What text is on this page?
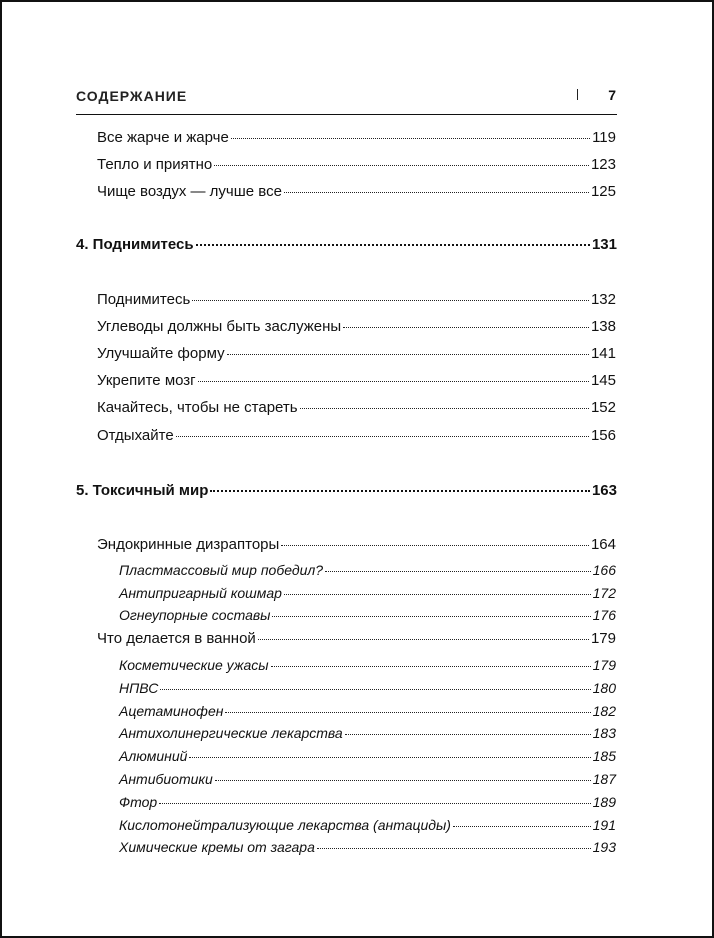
СОДЕРЖАНИЕ	7
Все жарче и жарче	119
Тепло и приятно	123
Чище воздух — лучше все	125
4. Поднимитесь	131
Поднимитесь	132
Углеводы должны быть заслужены	138
Улучшайте форму	141
Укрепите мозг	145
Качайтесь, чтобы не стареть	152
Отдыхайте	156
5. Токсичный мир	163
Эндокринные дизрапторы	164
Пластмассовый мир победил?	166
Антипригарный кошмар	172
Огнеупорные составы	176
Что делается в ванной	179
Косметические ужасы	179
НПВС	180
Ацетаминофен	182
Антихолинергические лекарства	183
Алюминий	185
Антибиотики	187
Фтор	189
Кислотонейтрализующие лекарства (антациды)	191
Химические кремы от загара	193
